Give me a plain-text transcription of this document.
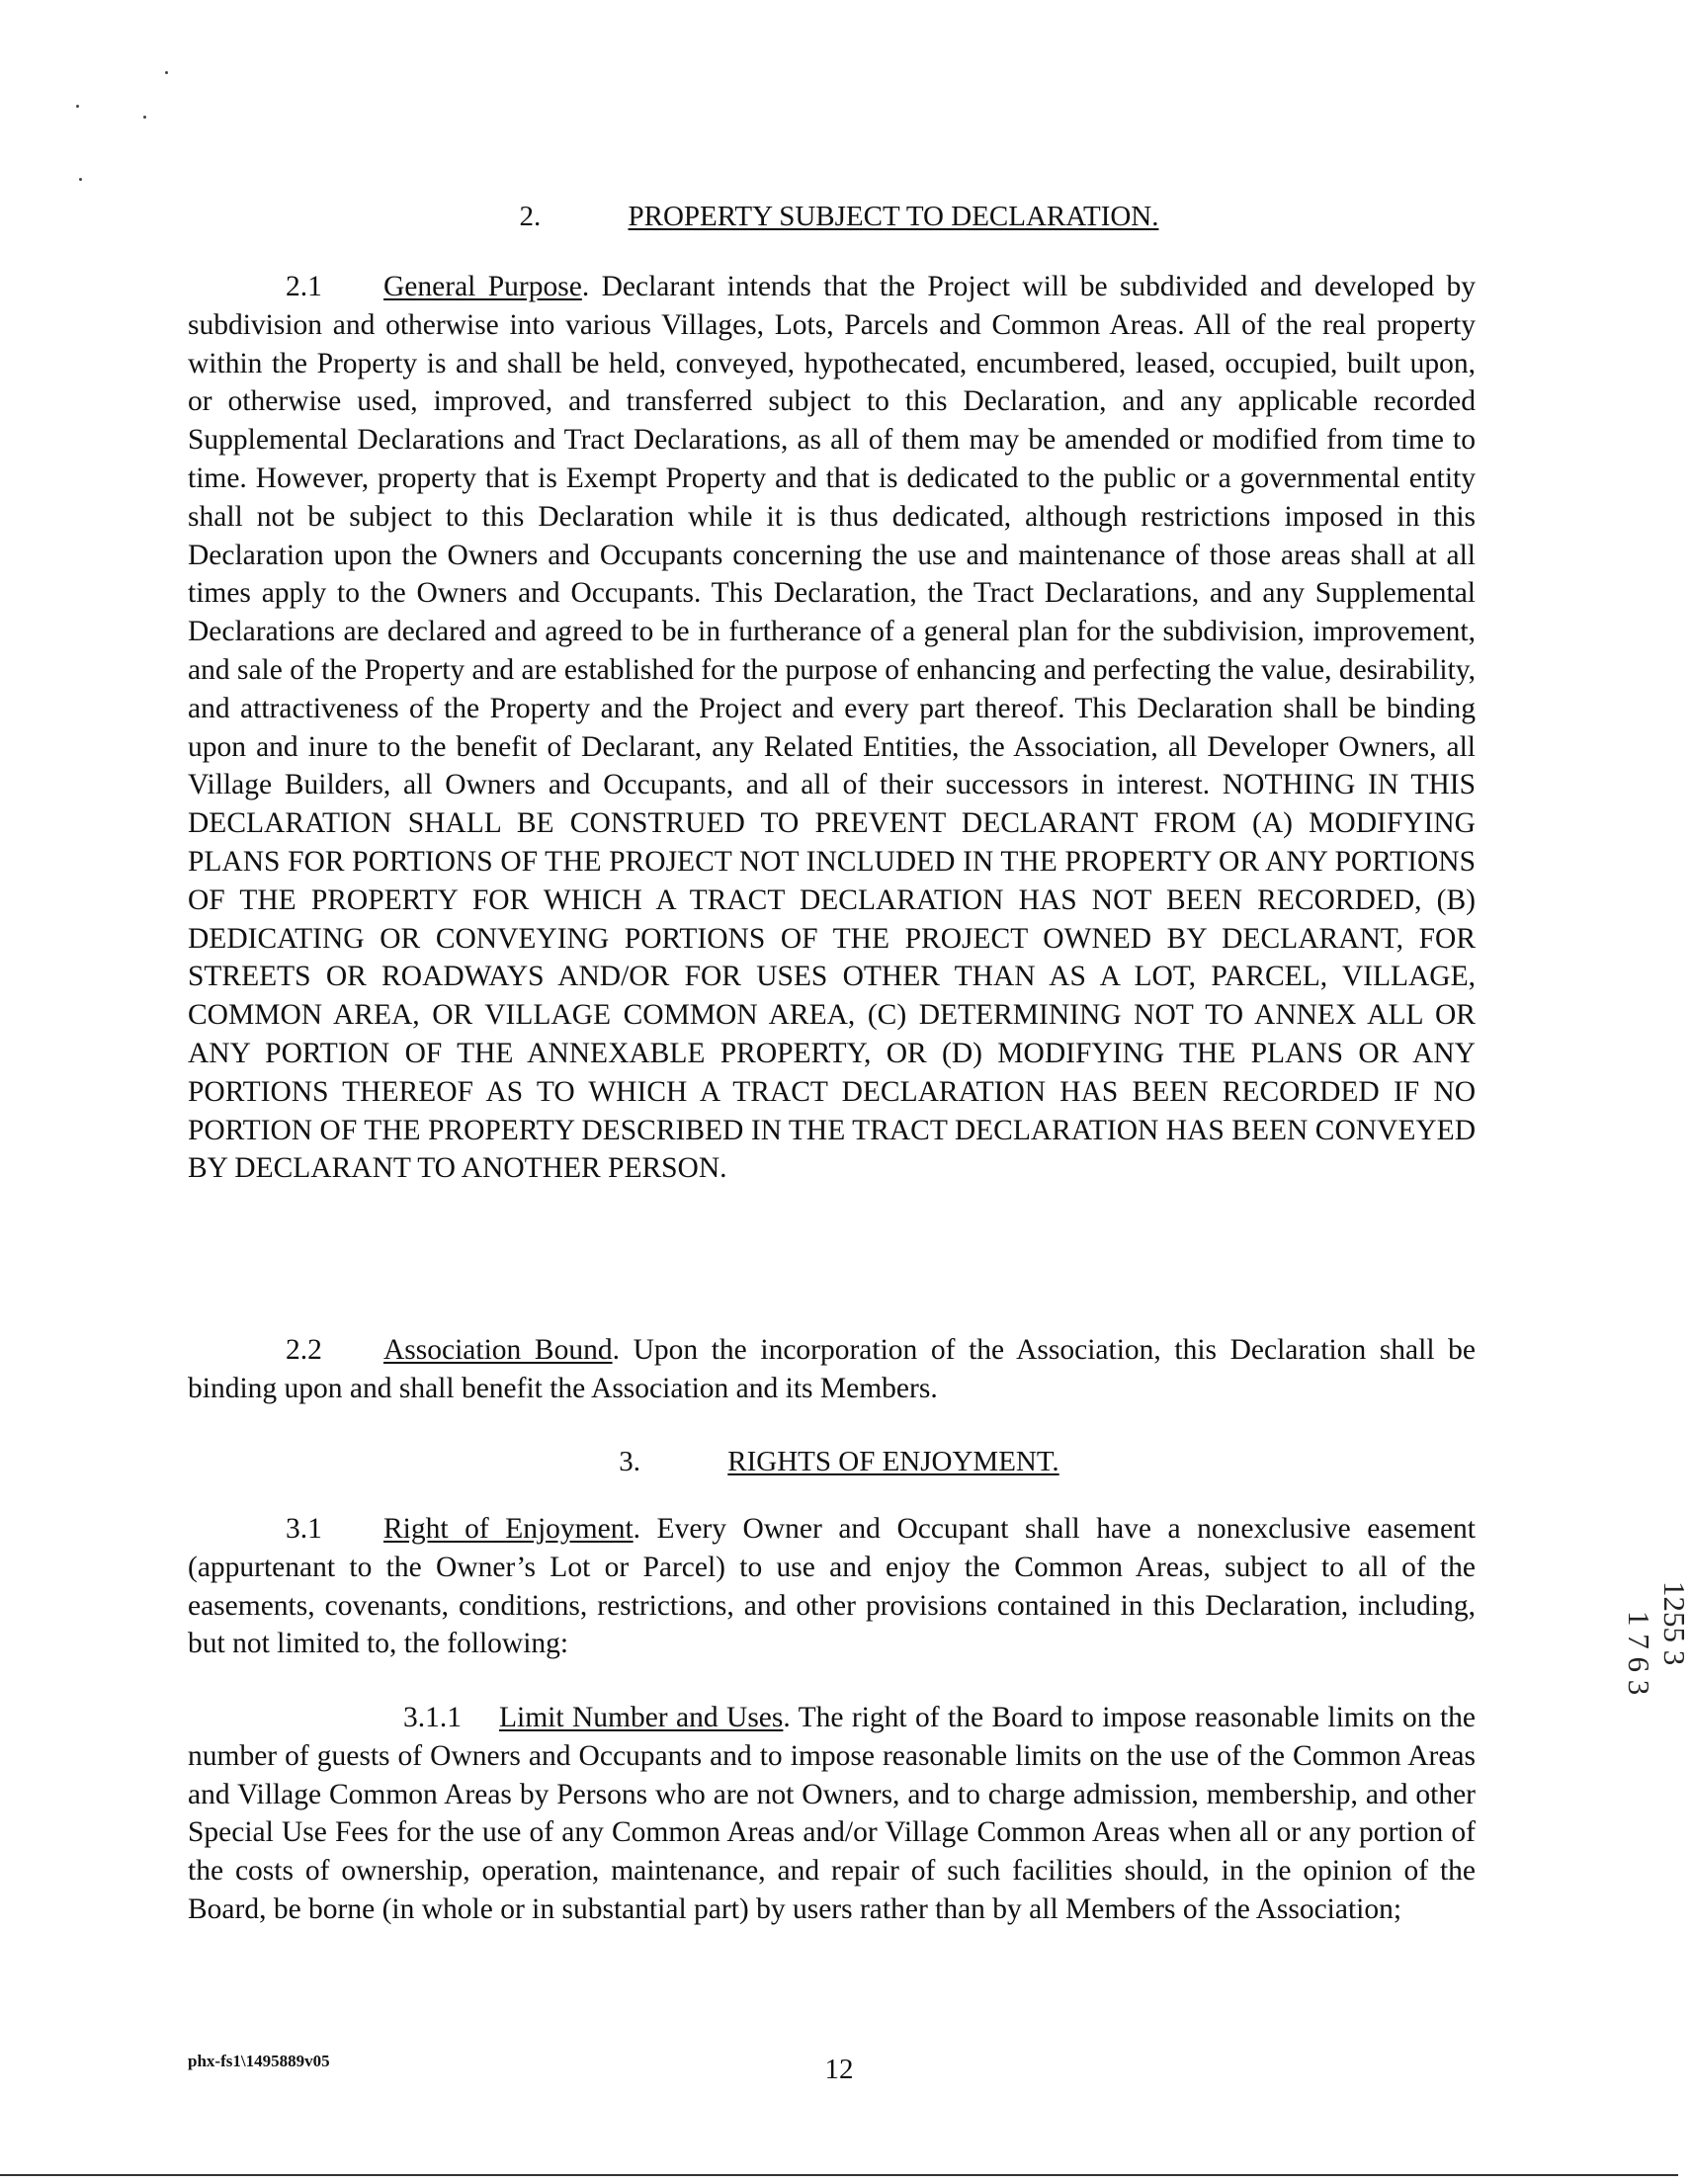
2.	PROPERTY SUBJECT TO DECLARATION.
2.1 General Purpose. Declarant intends that the Project will be subdivided and developed by subdivision and otherwise into various Villages, Lots, Parcels and Common Areas. All of the real property within the Property is and shall be held, conveyed, hypothecated, encumbered, leased, occupied, built upon, or otherwise used, improved, and transferred subject to this Declaration, and any applicable recorded Supplemental Declarations and Tract Declarations, as all of them may be amended or modified from time to time. However, property that is Exempt Property and that is dedicated to the public or a governmental entity shall not be subject to this Declaration while it is thus dedicated, although restrictions imposed in this Declaration upon the Owners and Occupants concerning the use and maintenance of those areas shall at all times apply to the Owners and Occupants. This Declaration, the Tract Declarations, and any Supplemental Declarations are declared and agreed to be in furtherance of a general plan for the subdivision, improvement, and sale of the Property and are established for the purpose of enhancing and perfecting the value, desirability, and attractiveness of the Property and the Project and every part thereof. This Declaration shall be binding upon and inure to the benefit of Declarant, any Related Entities, the Association, all Developer Owners, all Village Builders, all Owners and Occupants, and all of their successors in interest. NOTHING IN THIS DECLARATION SHALL BE CONSTRUED TO PREVENT DECLARANT FROM (A) MODIFYING PLANS FOR PORTIONS OF THE PROJECT NOT INCLUDED IN THE PROPERTY OR ANY PORTIONS OF THE PROPERTY FOR WHICH A TRACT DECLARATION HAS NOT BEEN RECORDED, (B) DEDICATING OR CONVEYING PORTIONS OF THE PROJECT OWNED BY DECLARANT, FOR STREETS OR ROADWAYS AND/OR FOR USES OTHER THAN AS A LOT, PARCEL, VILLAGE, COMMON AREA, OR VILLAGE COMMON AREA, (C) DETERMINING NOT TO ANNEX ALL OR ANY PORTION OF THE ANNEXABLE PROPERTY, OR (D) MODIFYING THE PLANS OR ANY PORTIONS THEREOF AS TO WHICH A TRACT DECLARATION HAS BEEN RECORDED IF NO PORTION OF THE PROPERTY DESCRIBED IN THE TRACT DECLARATION HAS BEEN CONVEYED BY DECLARANT TO ANOTHER PERSON.
2.2 Association Bound. Upon the incorporation of the Association, this Declaration shall be binding upon and shall benefit the Association and its Members.
3.	RIGHTS OF ENJOYMENT.
3.1 Right of Enjoyment. Every Owner and Occupant shall have a nonexclusive easement (appurtenant to the Owner’s Lot or Parcel) to use and enjoy the Common Areas, subject to all of the easements, covenants, conditions, restrictions, and other provisions contained in this Declaration, including, but not limited to, the following:
3.1.1 Limit Number and Uses. The right of the Board to impose reasonable limits on the number of guests of Owners and Occupants and to impose reasonable limits on the use of the Common Areas and Village Common Areas by Persons who are not Owners, and to charge admission, membership, and other Special Use Fees for the use of any Common Areas and/or Village Common Areas when all or any portion of the costs of ownership, operation, maintenance, and repair of such facilities should, in the opinion of the Board, be borne (in whole or in substantial part) by users rather than by all Members of the Association;
1255 3
1 7 6 3
phx-fs1\1495889v05	12
